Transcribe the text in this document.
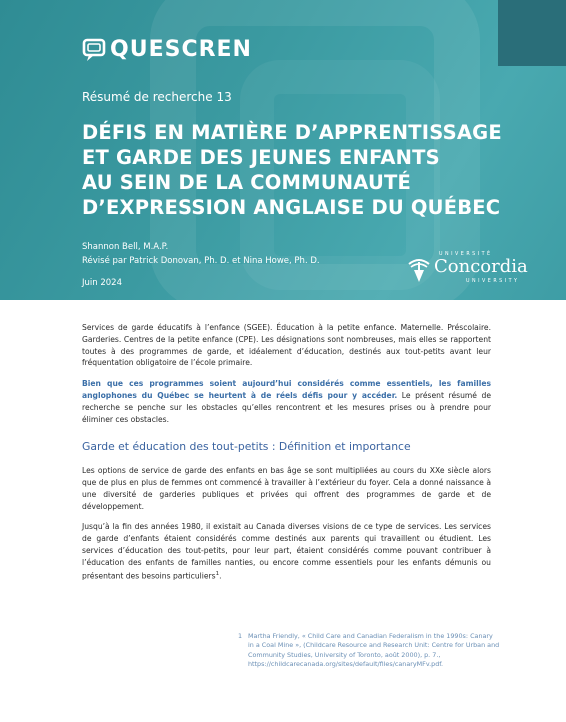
QUESCREN
Résumé de recherche 13
DÉFIS EN MATIÈRE D’APPRENTISSAGE
ET GARDE DES JEUNES ENFANTS
AU SEIN DE LA COMMUNAUTÉ
D’EXPRESSION ANGLAISE DU QUÉBEC
Shannon Bell, M.A.P.
Révisé par Patrick Donovan, Ph. D. et Nina Howe, Ph. D.
Juin 2024
UNIVERSITÉ
Concordia
UNIVERSITY

Services de garde éducatifs à l’enfance (SGEE). Éducation à la petite enfance. Maternelle. Préscolaire. Garderies. Centres de la petite enfance (CPE). Les désignations sont nombreuses, mais elles se rapportent toutes à des programmes de garde, et idéalement d’éducation, destinés aux tout-petits avant leur fréquentation obligatoire de l’école primaire.

Bien que ces programmes soient aujourd’hui considérés comme essentiels, les familles anglophones du Québec se heurtent à de réels défis pour y accéder. Le présent résumé de recherche se penche sur les obstacles qu’elles rencontrent et les mesures prises ou à prendre pour éliminer ces obstacles.

Garde et éducation des tout-petits : Définition et importance

Les options de service de garde des enfants en bas âge se sont multipliées au cours du XXe siècle alors que de plus en plus de femmes ont commencé à travailler à l’extérieur du foyer. Cela a donné naissance à une diversité de garderies publiques et privées qui offrent des programmes de garde et de développement.

Jusqu’à la fin des années 1980, il existait au Canada diverses visions de ce type de services. Les services de garde d’enfants étaient considérés comme destinés aux parents qui travaillent ou étudient. Les services d’éducation des tout-petits, pour leur part, étaient considérés comme pouvant contribuer à l’éducation des enfants de familles nanties, ou encore comme essentiels pour les enfants démunis ou présentant des besoins particuliers$^1$.

1 Martha Friendly, « Child Care and Canadian Federalism in the 1990s: Canary in a Coal Mine », (Childcare Resource and Research Unit: Centre for Urban and Community Studies, University of Toronto, août 2000), p. 7., https://childcarecanada.org/sites/default/files/canaryMFv.pdf.
